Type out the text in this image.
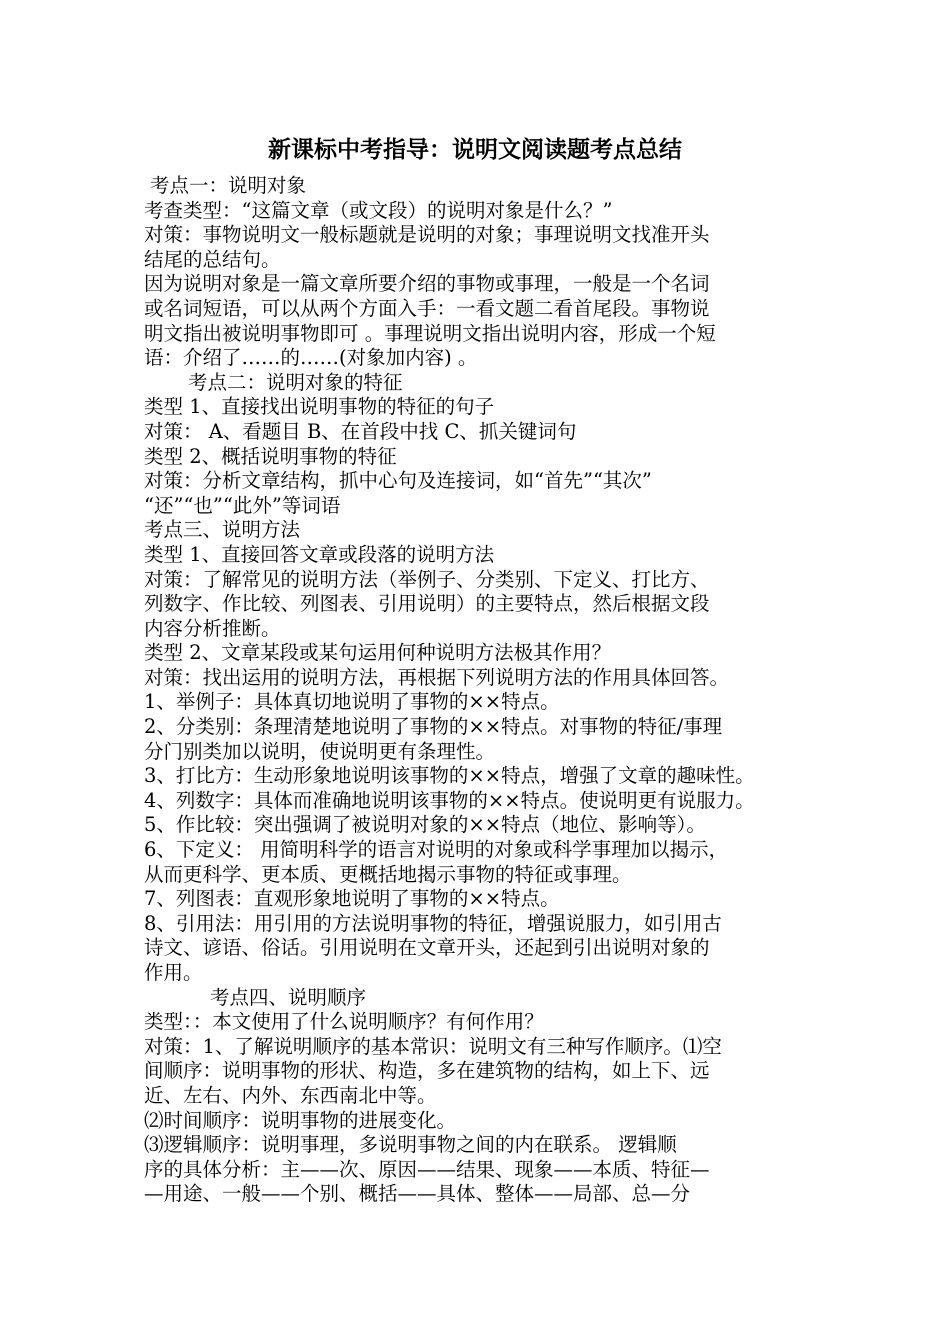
新课标中考指导：说明文阅读题考点总结
考点一：说明对象
考查类型：“这篇文章（或文段）的说明对象是什么？”
对策：事物说明文一般标题就是说明的对象；事理说明文找准开头
结尾的总结句。
因为说明对象是一篇文章所要介绍的事物或事理，一般是一个名词
或名词短语，可以从两个方面入手：一看文题二看首尾段。事物说
明文指出被说明事物即可 。事理说明文指出说明内容，形成一个短
语：介绍了……的……(对象加内容) 。
考点二：说明对象的特征
类型 1、直接找出说明事物的特征的句子
对策： A、看题目 B、在首段中找 C、抓关键词句
类型 2、概括说明事物的特征
对策：分析文章结构，抓中心句及连接词，如“首先”“其次”
“还”“也”“此外”等词语
考点三、说明方法
类型 1、直接回答文章或段落的说明方法
对策：了解常见的说明方法（举例子、分类别、下定义、打比方、
列数字、作比较、列图表、引用说明）的主要特点，然后根据文段
内容分析推断。
类型 2、文章某段或某句运用何种说明方法极其作用？
对策：找出运用的说明方法，再根据下列说明方法的作用具体回答。
1、举例子：具体真切地说明了事物的××特点。
2、分类别：条理清楚地说明了事物的××特点。对事物的特征/事理
分门别类加以说明，使说明更有条理性。
3、打比方：生动形象地说明该事物的××特点，增强了文章的趣味性。
4、列数字：具体而准确地说明该事物的××特点。使说明更有说服力。
5、作比较：突出强调了被说明对象的××特点（地位、影响等）。
6、下定义： 用简明科学的语言对说明的对象或科学事理加以揭示，
从而更科学、更本质、更概括地揭示事物的特征或事理。
7、列图表：直观形象地说明了事物的××特点。
8、引用法：用引用的方法说明事物的特征，增强说服力，如引用古
诗文、谚语、俗话。引用说明在文章开头，还起到引出说明对象的
作用。
考点四、说明顺序
类型：：本文使用了什么说明顺序？有何作用？
对策：1、了解说明顺序的基本常识：说明文有三种写作顺序。⑴空
间顺序：说明事物的形状、构造，多在建筑物的结构，如上下、远
近、左右、内外、东西南北中等。
⑵时间顺序：说明事物的进展变化。
⑶逻辑顺序：说明事理，多说明事物之间的内在联系。 逻辑顺
序的具体分析：主——次、原因——结果、现象——本质、特征—
—用途、一般——个别、概括——具体、整体——局部、总—分
